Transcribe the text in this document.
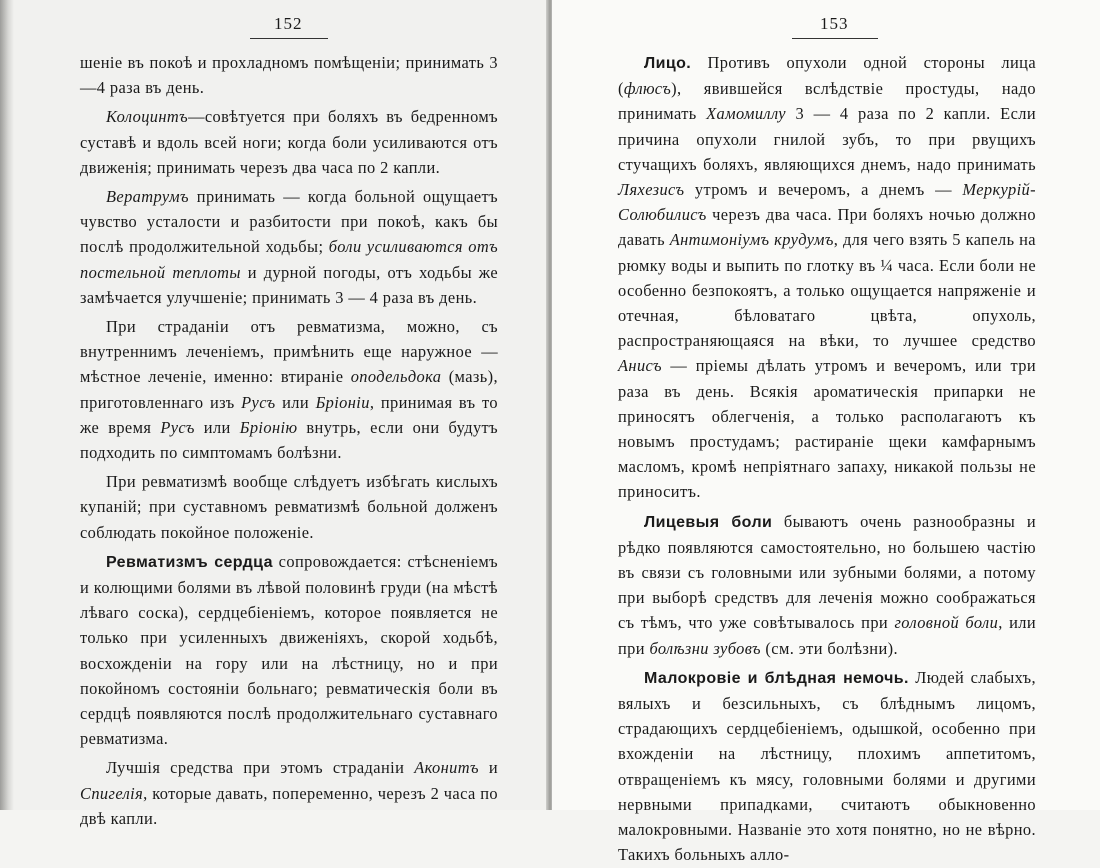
152

шеніе въ покоѣ и прохладномъ помѣщеніи; принимать 3—4 раза въ день.

Колоцинтъ—совѣтуется при боляхъ въ бедренномъ суставѣ и вдоль всей ноги; когда боли усиливаются отъ движенія; принимать черезъ два часа по 2 капли.

Вератрумъ принимать — когда больной ощущаетъ чувство усталости и разбитости при покоѣ, какъ бы послѣ продолжительной ходьбы; боли усиливаются отъ постельной теплоты и дурной погоды, отъ ходьбы же замѣчается улучшеніе; принимать 3 — 4 раза въ день.

При страданіи отъ ревматизма, можно, съ внутреннимъ леченіемъ, примѣнить еще наружное — мѣстное леченіе, именно: втираніе оподельдока (мазь), приготовленнаго изъ Русъ или Бріоніи, принимая въ то же время Русъ или Бріонію внутрь, если они будутъ подходить по симптомамъ болѣзни.

При ревматизмѣ вообще слѣдуетъ избѣгать кислыхъ купаній; при суставномъ ревматизмѣ больной долженъ соблюдать покойное положеніе.

Ревматизмъ сердца сопровождается: стѣсненіемъ и колющими болями въ лѣвой половинѣ груди (на мѣстѣ лѣваго соска), сердцебіеніемъ, которое появляется не только при усиленныхъ движеніяхъ, скорой ходьбѣ, восхожденіи на гору или на лѣстницу, но и при покойномъ состояніи больнаго; ревматическія боли въ сердцѣ появляются послѣ продолжительнаго суставнаго ревматизма.

Лучшія средства при этомъ страданіи Аконитъ и Спигелія, которые давать, попеременно, черезъ 2 часа по двѣ капли.

153

Лицо. Противъ опухоли одной стороны лица (флюсъ), явившейся вслѣдствіе простуды, надо принимать Хамомиллу 3 — 4 раза по 2 капли. Если причина опухоли гнилой зубъ, то при рвущихъ стучащихъ боляхъ, являющихся днемъ, надо принимать Ляхезисъ утромъ и вечеромъ, а днемъ — Меркурій-Солюбилисъ черезъ два часа. При боляхъ ночью должно давать Антимоніумъ крудумъ, для чего взять 5 капель на рюмку воды и выпить по глотку въ ¼ часа. Если боли не особенно безпокоятъ, а только ощущается напряженіе и отечная, бѣловатаго цвѣта, опухоль, распространяющаяся на вѣки, то лучшее средство Анисъ — пріемы дѣлать утромъ и вечеромъ, или три раза въ день. Всякія ароматическія припарки не приносятъ облегченія, а только располагаютъ къ новымъ простудамъ; растираніе щеки камфарнымъ масломъ, кромѣ непріятнаго запаху, никакой пользы не приноситъ.

Лицевыя боли бываютъ очень разнообразны и рѣдко появляются самостоятельно, но большею частію въ связи съ головными или зубными болями, а потому при выборѣ средствъ для леченія можно соображаться съ тѣмъ, что уже совѣтывалось при головной боли, или при болѣзни зубовъ (см. эти болѣзни).

Малокровіе и блѣдная немочь. Людей слабыхъ, вялыхъ и безсильныхъ, съ блѣднымъ лицомъ, страдающихъ сердцебіеніемъ, одышкой, особенно при вхожденіи на лѣстницу, плохимъ аппетитомъ, отвращеніемъ къ мясу, головными болями и другими нервными припадками, считаютъ обыкновенно малокровными. Названіе это хотя понятно, но не вѣрно. Такихъ больныхъ алло-
